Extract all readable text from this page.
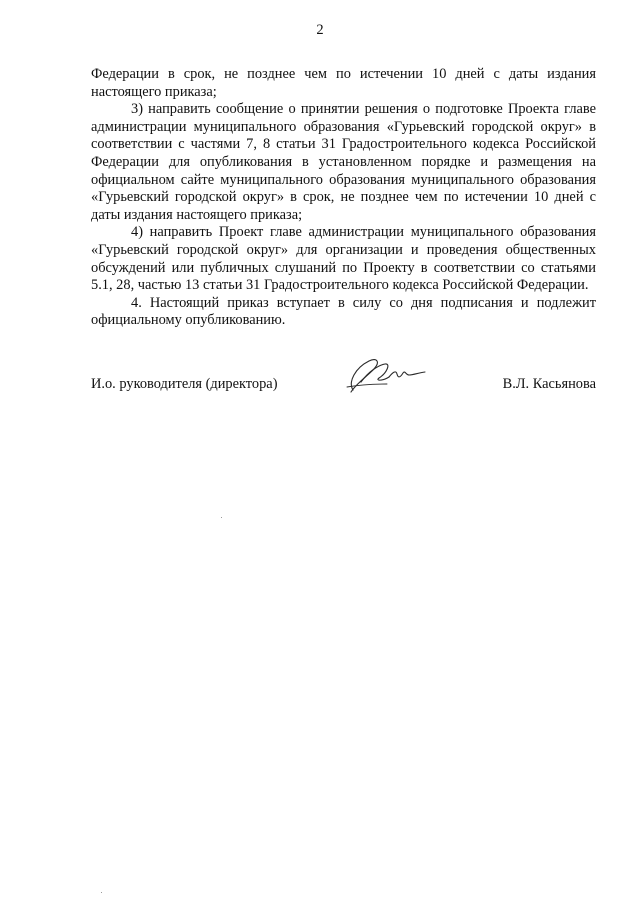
2

Федерации в срок, не позднее чем по истечении 10 дней с даты издания настоящего приказа;

3) направить сообщение о принятии решения о подготовке Проекта главе администрации муниципального образования «Гурьевский городской округ» в соответствии с частями 7, 8 статьи 31 Градостроительного кодекса Российской Федерации для опубликования в установленном порядке и размещения на официальном сайте муниципального образования муниципального образования «Гурьевский городской округ» в срок, не позднее чем по истечении 10 дней с даты издания настоящего приказа;

4) направить Проект главе администрации муниципального образования «Гурьевский городской округ» для организации и проведения общественных обсуждений или публичных слушаний по Проекту в соответствии со статьями 5.1, 28, частью 13 статьи 31 Градостроительного кодекса Российской Федерации.

4. Настоящий приказ вступает в силу со дня подписания и подлежит официальному опубликованию.

И.о. руководителя (директора)	В.Л. Касьянова
